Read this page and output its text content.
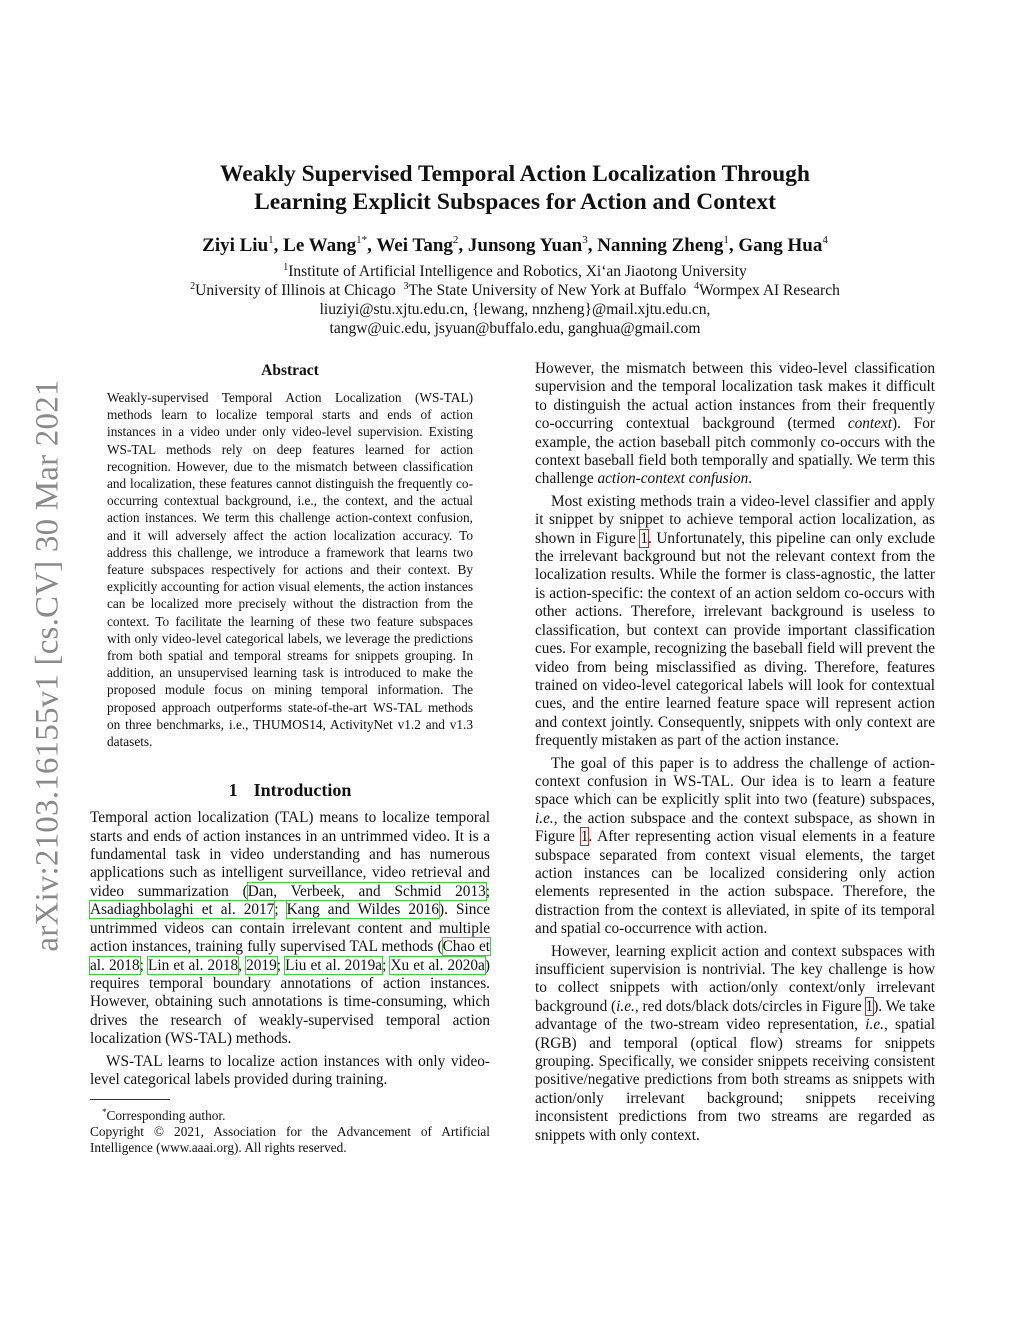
arXiv:2103.16155v1 [cs.CV] 30 Mar 2021
Weakly Supervised Temporal Action Localization Through
Learning Explicit Subspaces for Action and Context
Ziyi Liu$^1$, Le Wang$^{1*}$, Wei Tang$^2$, Junsong Yuan$^3$, Nanning Zheng$^1$, Gang Hua$^4$
$^1$Institute of Artificial Intelligence and Robotics, Xi‘an Jiaotong University
$^2$University of Illinois at Chicago $^3$The State University of New York at Buffalo $^4$Wormpex AI Research
liuziyi@stu.xjtu.edu.cn, {lewang, nnzheng}@mail.xjtu.edu.cn,
tangw@uic.edu, jsyuan@buffalo.edu, ganghua@gmail.com
Abstract
Weakly-supervised Temporal Action Localization (WS-TAL) methods learn to localize temporal starts and ends of action instances in a video under only video-level supervision. Existing WS-TAL methods rely on deep features learned for action recognition. However, due to the mismatch between classification and localization, these features cannot distinguish the frequently co-occurring contextual background, i.e., the context, and the actual action instances. We term this challenge action-context confusion, and it will adversely affect the action localization accuracy. To address this challenge, we introduce a framework that learns two feature subspaces respectively for actions and their context. By explicitly accounting for action visual elements, the action instances can be localized more precisely without the distraction from the context. To facilitate the learning of these two feature subspaces with only video-level categorical labels, we leverage the predictions from both spatial and temporal streams for snippets grouping. In addition, an unsupervised learning task is introduced to make the proposed module focus on mining temporal information. The proposed approach outperforms state-of-the-art WS-TAL methods on three benchmarks, i.e., THUMOS14, ActivityNet v1.2 and v1.3 datasets.
1 Introduction

Temporal action localization (TAL) means to localize temporal starts and ends of action instances in an untrimmed video. It is a fundamental task in video understanding and has numerous applications such as intelligent surveillance, video retrieval and video summarization (Dan, Verbeek, and Schmid 2013; Asadiaghbolaghi et al. 2017; Kang and Wildes 2016). Since untrimmed videos can contain irrelevant content and multiple action instances, training fully supervised TAL methods (Chao et al. 2018; Lin et al. 2018, 2019; Liu et al. 2019a; Xu et al. 2020a) requires temporal boundary annotations of action instances. However, obtaining such annotations is time-consuming, which drives the research of weakly-supervised temporal action localization (WS-TAL) methods.

WS-TAL learns to localize action instances with only video-level categorical labels provided during training.

*Corresponding author.
Copyright © 2021, Association for the Advancement of Artificial Intelligence (www.aaai.org). All rights reserved.

However, the mismatch between this video-level classification supervision and the temporal localization task makes it difficult to distinguish the actual action instances from their frequently co-occurring contextual background (termed context). For example, the action baseball pitch commonly co-occurs with the context baseball field both temporally and spatially. We term this challenge action-context confusion.

Most existing methods train a video-level classifier and apply it snippet by snippet to achieve temporal action localization, as shown in Figure 1. Unfortunately, this pipeline can only exclude the irrelevant background but not the relevant context from the localization results. While the former is class-agnostic, the latter is action-specific: the context of an action seldom co-occurs with other actions. Therefore, irrelevant background is useless to classification, but context can provide important classification cues. For example, recognizing the baseball field will prevent the video from being misclassified as diving. Therefore, features trained on video-level categorical labels will look for contextual cues, and the entire learned feature space will represent action and context jointly. Consequently, snippets with only context are frequently mistaken as part of the action instance.

The goal of this paper is to address the challenge of action-context confusion in WS-TAL. Our idea is to learn a feature space which can be explicitly split into two (feature) subspaces, i.e., the action subspace and the context subspace, as shown in Figure 1. After representing action visual elements in a feature subspace separated from context visual elements, the target action instances can be localized considering only action elements represented in the action subspace. Therefore, the distraction from the context is alleviated, in spite of its temporal and spatial co-occurrence with action.

However, learning explicit action and context subspaces with insufficient supervision is nontrivial. The key challenge is how to collect snippets with action/only context/only irrelevant background (i.e., red dots/black dots/circles in Figure 1). We take advantage of the two-stream video representation, i.e., spatial (RGB) and temporal (optical flow) streams for snippets grouping. Specifically, we consider snippets receiving consistent positive/negative predictions from both streams as snippets with action/only irrelevant background; snippets receiving inconsistent predictions from two streams are regarded as snippets with only context.
